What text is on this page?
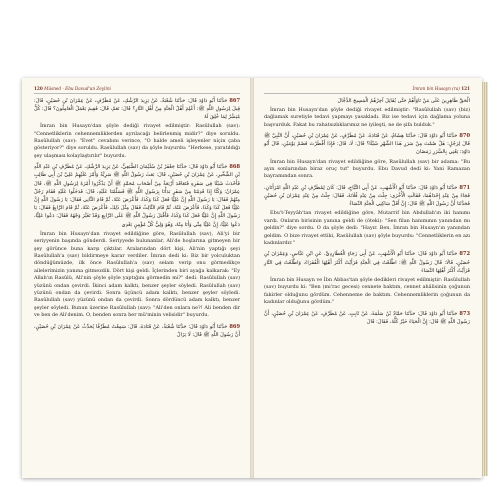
120 Müsned - Ebu Davud'un Zeylini

867حَدَّثَنَا أَبُو دَاوُدَ قَالَ: حَدَّثَنَا شُعْبَةُ، عَنْ يَزِيدَ الرِّشْكِ، عَنْ مُطَرِّفٍ، عَنْ عِمْرَانَ بْنِ حُصَيْنٍ، قَالَ: قِيلَ لِرَسُولِ اللَّهِ ﷺ: أَعُلِمَ أَهْلُ الْجَنَّةِ مِنْ أَهْلِ النَّارِ؟ قَالَ: نَعَمْ، قَالَ: فَفِيمَ يَعْمَلُ الْعَامِلُونَ؟ قَالَ: كُلٌّ مُيَسَّرٌ لِمَا خُلِقَ لَهُ

İmran bin Husayn'dan şöyle dediği rivayet edilmiştir: Rasûlullah (sav): "Cennetliklerin cehennemliklerden ayrılacağı belirlenmiş midir?" diye soruldu. Rasûlullah (sav): "Evet" cevabını verince, "O halde ameli işleyenler niçin çaba gösteriyor?" diye soruldu. Rasûlullah (sav) da şöyle buyurdu: "Herkese, yaratıldığı şey ulaşması kolaylaştırılır" buyurdu.

868حَدَّثَنَا أَبُو دَاوُدَ قَالَ: حَدَّثَنَا جَعْفَرُ بْنُ سُلَيْمَانَ الضُّبَعِيُّ، عَنْ يَزِيدَ الرِّشْكِ، عَنْ مُطَرِّفِ بْنِ عَبْدِ اللَّهِ بْنِ الشِّخِّيرِ، عَنْ عِمْرَانَ بْنِ حُصَيْنٍ، قَالَ: بَعَثَ رَسُولُ اللَّهِ ﷺ سَرِيَّةً وَأَمَّرَ عَلَيْهِمْ عَلِيَّ بْنَ أَبِي طَالِبٍ فَأَحْدَثَ شَيْئًا فِي سَفَرِهِ فَتَعَاقَدَ أَرْبَعَةٌ مِنْ أَصْحَابِ مُحَمَّدٍ ﷺ أَنْ يَذْكُرُوا أَمْرَهُ لِرَسُولِ اللَّهِ ﷺ، قَالَ عِمْرَانُ: وَكُنَّا إِذَا قَدِمْنَا مِنْ سَفَرٍ بَدَأْنَا بِرَسُولِ اللَّهِ ﷺ فَسَلَّمْنَا عَلَيْهِ، قَالَ: فَدَخَلُوا عَلَيْهِ فَقَامَ رَجُلٌ مِنْهُمْ فَقَالَ: يَا رَسُولَ اللَّهِ إِنَّ عَلِيًّا فَعَلَ كَذَا وَكَذَا، فَأَعْرَضَ عَنْهُ، ثُمَّ قَامَ الثَّانِي فَقَالَ: يَا رَسُولَ اللَّهِ إِنَّ عَلِيًّا فَعَلَ كَذَا وَكَذَا، فَأَعْرَضَ عَنْهُ، ثُمَّ قَامَ الثَّالِثُ فَقَالَ مِثْلَ ذَلِكَ، فَأَعْرَضَ عَنْهُ، ثُمَّ قَامَ الرَّابِعُ فَقَالَ: يَا رَسُولَ اللَّهِ إِنَّ عَلِيًّا فَعَلَ كَذَا وَكَذَا، فَأَقْبَلَ رَسُولُ اللَّهِ ﷺ عَلَى الرَّابِعِ وَقَدْ تَغَيَّرَ وَجْهُهُ فَقَالَ: دَعُوا عَلِيًّا، دَعُوا عَلِيًّا، إِنَّ عَلِيًّا مِنِّي وَأَنَا مِنْهُ، وَهُوَ وَلِيُّ كُلِّ مُؤْمِنٍ بَعْدِي

İmran bin Husayn'dan rivayet edildiğine göre, Rasûlullah (sav), Ali'yi bir seriyyenin başında gönderdi. Seriyyede bulunanlar, Ali'de hoşlarına gitmeyen bir şey görünce buna karşı çıktılar. Aralarından dört kişi, Ali'nin yaptığı şeyi Rasûlullah'a (sav) bildirmeye karar verdiler. İmran dedi ki: Biz bir yolculuktan döndüğümüzde, ilk önce Rasûlullah'a (sav) selam verip onu görmedikçe ailelerimizin yanına gitmezdik. Dört kişi geldi. İçlerinden biri ayağa kalkarak: "Ey Allah'ın Rasûlü, Ali'nin şöyle şöyle yaptığını görmedin mi?" dedi. Rasûlullah (sav) yüzünü ondan çevirdi. İkinci adam kalktı, benzer şeyler söyledi. Rasûlullah (sav) yüzünü ondan da çevirdi. Sonra üçüncü adam kalktı, benzer şeyler söyledi. Rasûlullah (sav) yüzünü ondan da çevirdi. Sonra dördüncü adam kalktı, benzer şeyler söyledi. Bunun üzerine Rasûlullah (sav): "Ali'den onlara ne?! Ali benden dir ve ben de Ali'denim. O, benden sonra her mü'minin velisidir" buyurdu.

869حَدَّثَنَا أَبُو دَاوُدَ قَالَ: حَدَّثَنَا شُعْبَةُ، عَنْ قَتَادَةَ، قَالَ: سَمِعْتُ مُطَرِّفًا يُحَدِّثُ عَنْ عِمْرَانَ بْنِ حُصَيْنٍ، أَنَّ رَسُولَ اللَّهِ ﷺ قَالَ: لَا يَزَالُ

İmran bin Husayn (ra) 121

الْحَقِّ ظَاهِرِينَ عَلَى مَنْ نَاوَأَهُمْ حَتَّى يُقَاتِلَ آخِرُهُمُ الْمَسِيحَ الدَّجَّالَ

İmran bin Husayn'dan şöyle dediği rivayet edilmiştir: "Rasûlullah (sav) (biz) dağlamak suretiyle tedavi yapmayı yasakladı. Biz ise tedavi için dağlama yoluna başvurduk. Fakat bu rahatsızlıklarımız ne iyileşti, ne de şifa bulduk."

870حَدَّثَنَا أَبُو دَاوُدَ قَالَ: حَدَّثَنَا هِشَامٌ، عَنْ قَتَادَةَ، عَنْ مُطَرِّفٍ، عَنْ عِمْرَانَ بْنِ حُصَيْنٍ، أَنَّ النَّبِيَّ ﷺ قَالَ لِرَجُلٍ: هَلْ صُمْتَ مِنْ سَرَرِ هَذَا الشَّهْرِ شَيْئًا؟ قَالَ: لَا، قَالَ: فَإِذَا أَفْطَرْتَ فَصُمْ يَوْمَيْنِ، قَالَ أَبُو دَاوُدَ: يَعْنِي بِالسَّرَرِ رَمَضَانَ

İmran bin Husayn'dan rivayet edildiğine göre, Rasûlullah (sav) bir adama: "Bu ayın sonlarından biraz oruç tut" buyurdu. Ebu Davud dedi ki: Yani Ramazan bayramından sonra.

871حَدَّثَنَا أَبُو دَاوُدَ قَالَ: حَدَّثَنَا أَبُو الْأَشْهَبِ، عَنْ أَبِي التَّيَّاحِ، قَالَ: كَانَ لِمُطَرِّفِ بْنِ عَبْدِ اللَّهِ امْرَأَتَانِ، فَجَاءَ مِنْ عِنْدِ إِحْدَاهُمَا، فَقَالَتِ الْأُخْرَى: جِئْتَ مِنْ عِنْدِ فُلَانَةَ، فَقَالَ: جِئْتُ مِنْ عِنْدِ عِمْرَانَ بْنِ حُصَيْنٍ فَحَدَّثَنَا أَنَّ رَسُولَ اللَّهِ ﷺ قَالَ: إِنَّ أَقَلَّ سَاكِنِي الْجَنَّةِ النِّسَاءُ

Ebu't-Teyyâh'tan rivayet edildiğine göre, Mutarrif bin Abdullah'ın iki hanımı vardı. Onların birisinin yanına geldi de (öteki): "Sen filan hanımının yanından mı geldin?" diye sordu. O da şöyle dedi: "Hayır. Ben, İmran bin Husayn'ın yanından geldim. O bize rivayet ettiki, Rasûlullah (sav) şöyle buyurdu: "Cennetliklerin en azı kadınlardır."

872حَدَّثَنَا أَبُو دَاوُدَ قَالَ: حَدَّثَنَا أَبُو الْأَشْهَبِ، عَنْ أَبِي رَجَاءٍ الْعُطَارِدِيِّ، عَنِ ابْنِ عَبَّاسٍ، وَعِمْرَانَ بْنِ حُصَيْنٍ، قَالَا: قَالَ رَسُولُ اللَّهِ ﷺ: اطَّلَعْتُ فِي الْجَنَّةِ فَرَأَيْتُ أَكْثَرَ أَهْلِهَا الْفُقَرَاءَ، وَاطَّلَعْتُ فِي النَّارِ فَرَأَيْتُ أَكْثَرَ أَهْلِهَا النِّسَاءَ

İmran bin Husayn ve İbn Abbas'tan şöyle dedikleri rivayet edilmiştir: Rasûlullah (sav) buyurdu ki: "Ben (mi'rac gecesi) cennete baktım, cennet ahâlisinin çoğunun fakirler olduğunu gördüm. Cehenneme de baktım. Cehennemliklerin çoğunun da kadınlar olduğunu gördüm."

873حَدَّثَنَا أَبُو دَاوُدَ قَالَ: حَدَّثَنَا حَمَّادُ بْنُ سَلَمَةَ، عَنْ ثَابِتٍ، عَنْ مُطَرِّفٍ، عَنْ عِمْرَانَ بْنِ حُصَيْنٍ، أَنَّ رَسُولَ اللَّهِ ﷺ قَالَ: إِنَّ الْحَيَاءَ خَيْرٌ كُلُّهُ، فَقَالَ: قَالَ
